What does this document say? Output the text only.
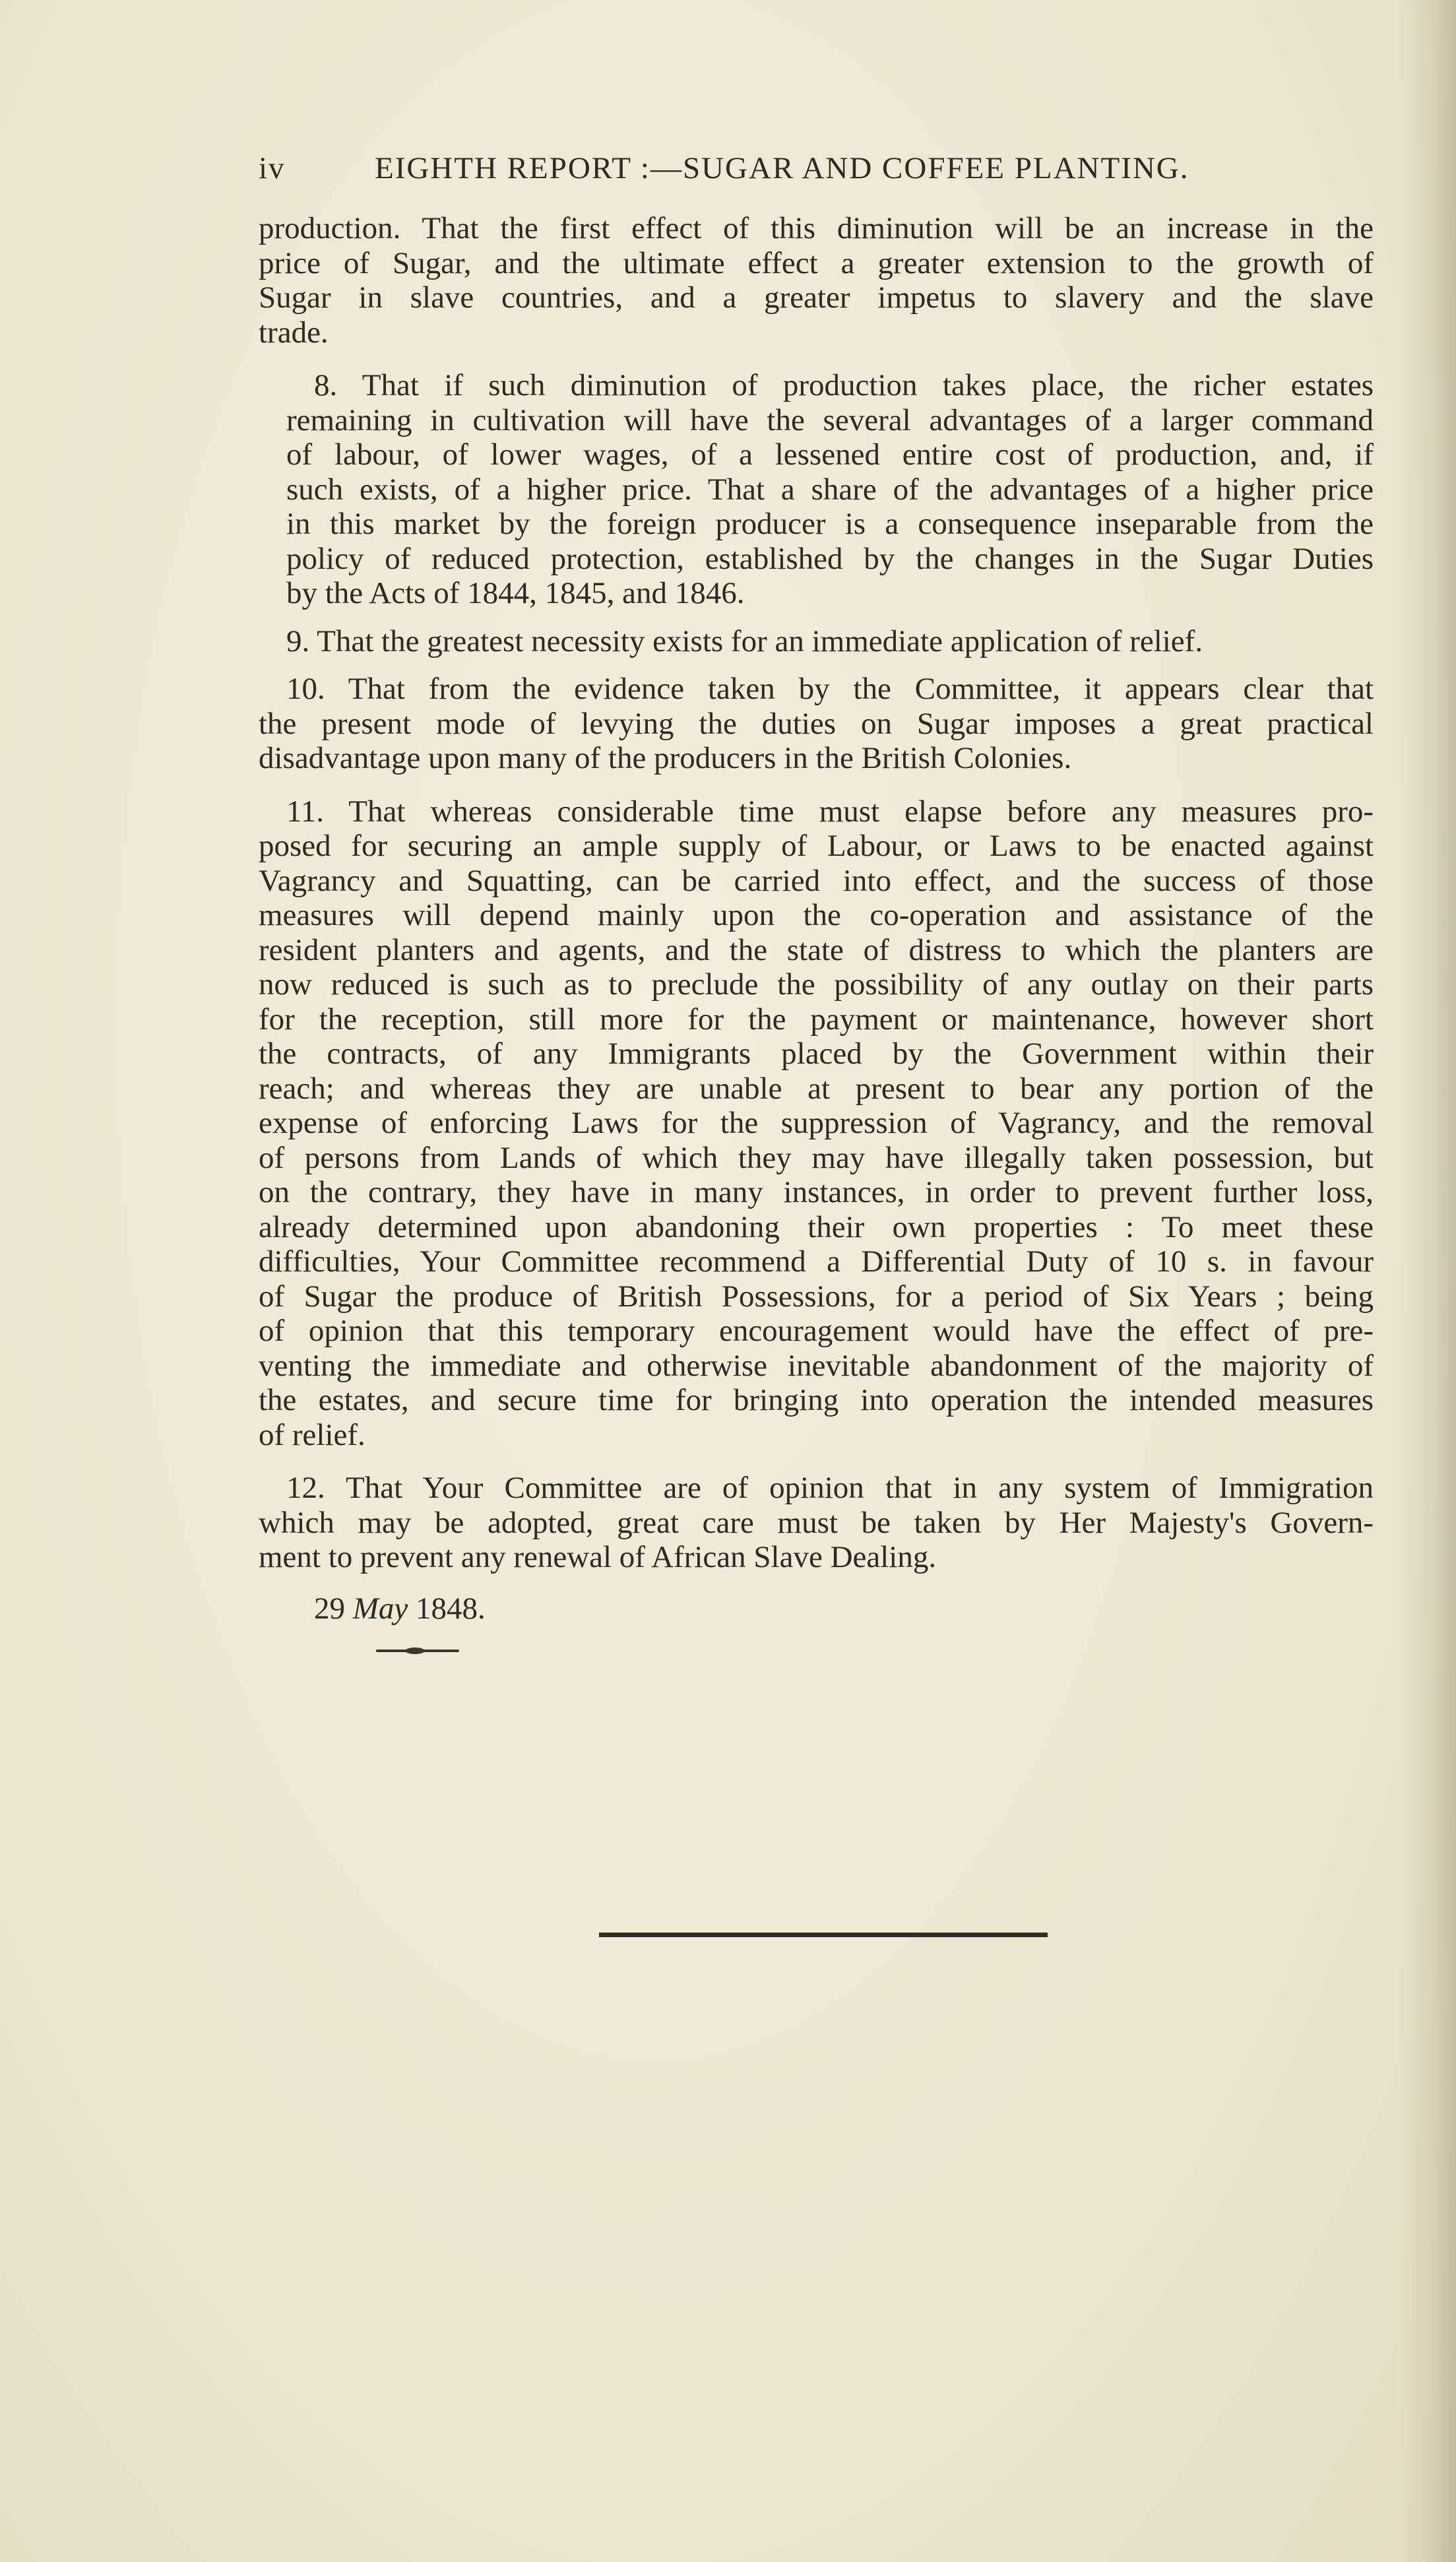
iv	EIGHTH REPORT :—SUGAR AND COFFEE PLANTING.
production. That the first effect of this diminution will be an increase in the
price of Sugar, and the ultimate effect a greater extension to the growth of
Sugar in slave countries, and a greater impetus to slavery and the slave
trade.
8. That if such diminution of production takes place, the richer estates
remaining in cultivation will have the several advantages of a larger command
of labour, of lower wages, of a lessened entire cost of production, and, if
such exists, of a higher price. That a share of the advantages of a higher price
in this market by the foreign producer is a consequence inseparable from the
policy of reduced protection, established by the changes in the Sugar Duties
by the Acts of 1844, 1845, and 1846.
9. That the greatest necessity exists for an immediate application of relief.
10. That from the evidence taken by the Committee, it appears clear that
the present mode of levying the duties on Sugar imposes a great practical
disadvantage upon many of the producers in the British Colonies.
11. That whereas considerable time must elapse before any measures pro-
posed for securing an ample supply of Labour, or Laws to be enacted against
Vagrancy and Squatting, can be carried into effect, and the success of those
measures will depend mainly upon the co-operation and assistance of the
resident planters and agents, and the state of distress to which the planters are
now reduced is such as to preclude the possibility of any outlay on their parts
for the reception, still more for the payment or maintenance, however short
the contracts, of any Immigrants placed by the Government within their
reach; and whereas they are unable at present to bear any portion of the
expense of enforcing Laws for the suppression of Vagrancy, and the removal
of persons from Lands of which they may have illegally taken possession, but
on the contrary, they have in many instances, in order to prevent further loss,
already determined upon abandoning their own properties : To meet these
difficulties, Your Committee recommend a Differential Duty of 10 s. in favour
of Sugar the produce of British Possessions, for a period of Six Years ; being
of opinion that this temporary encouragement would have the effect of pre-
venting the immediate and otherwise inevitable abandonment of the majority of
the estates, and secure time for bringing into operation the intended measures
of relief.
12. That Your Committee are of opinion that in any system of Immigration
which may be adopted, great care must be taken by Her Majesty's Govern-
ment to prevent any renewal of African Slave Dealing.
29 May 1848.
